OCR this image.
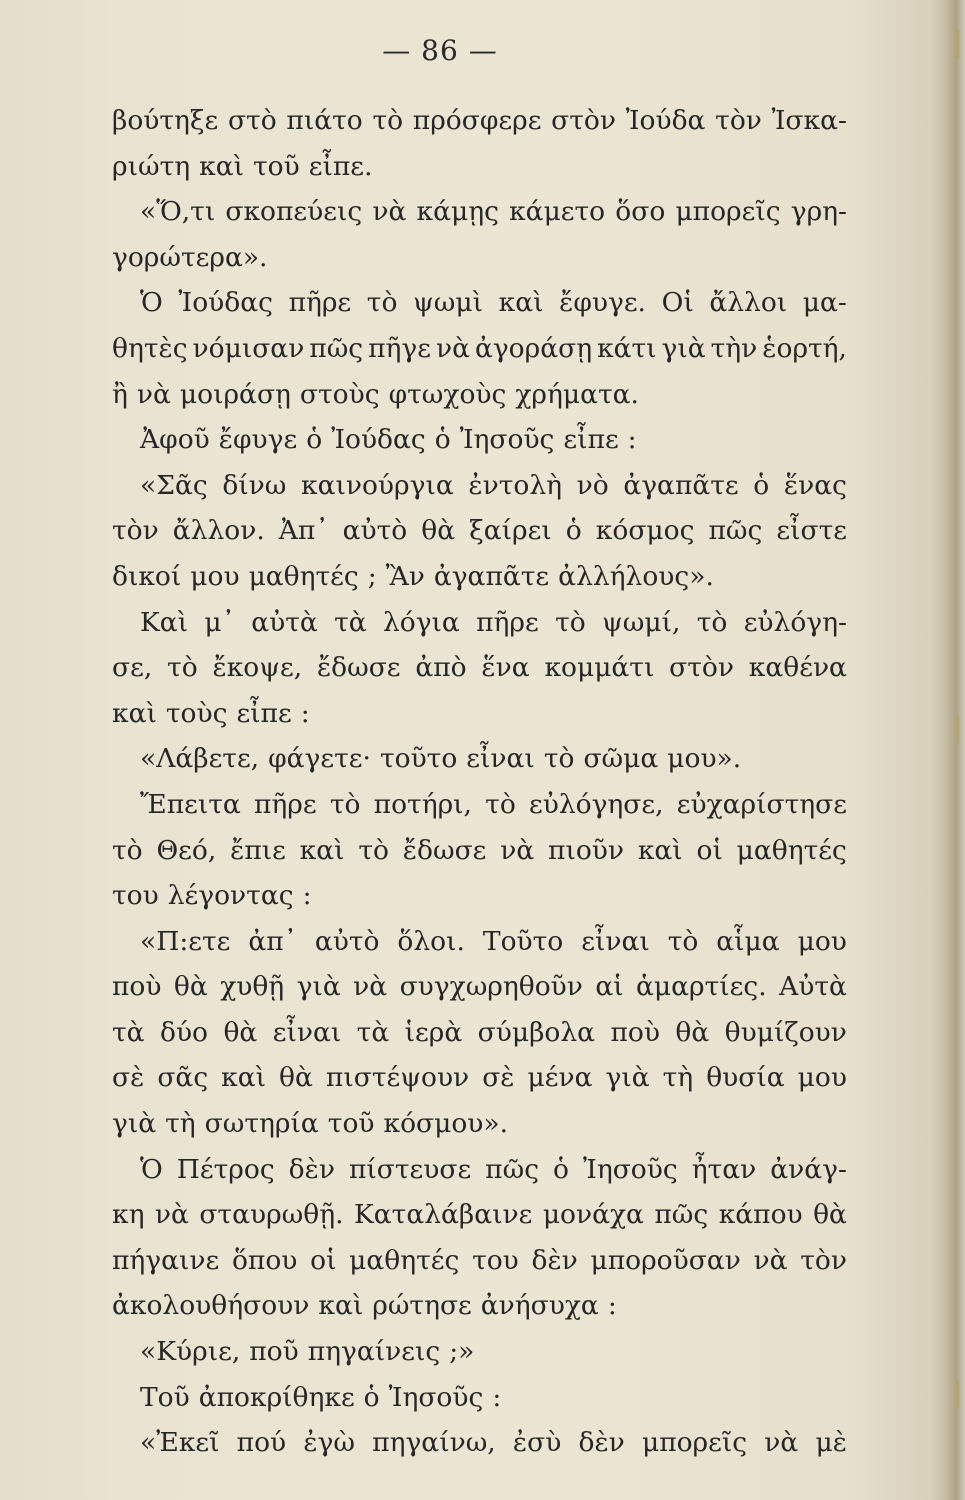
— 86 —
βούτηξε στὸ πιάτο τὸ πρόσφερε στὸν Ἰούδα τὸν Ἰσκα-
ριώτη καὶ τοῦ εἶπε.
«Ὅ,τι σκοπεύεις νὰ κάμῃς κάμετο ὅσο μπορεῖς γρη-
γορώτερα».
Ὁ Ἰούδας πῆρε τὸ ψωμὶ καὶ ἔφυγε. Οἱ ἄλλοι μα-
θητὲς νόμισαν πῶς πῆγε νὰ ἀγοράσῃ κάτι γιὰ τὴν ἑορτή,
ἢ νὰ μοιράσῃ στοὺς φτωχοὺς χρήματα.
Ἀφοῦ ἔφυγε ὁ Ἰούδας ὁ Ἰησοῦς εἶπε :
«Σᾶς δίνω καινούργια ἐντολὴ νὸ ἀγαπᾶτε ὁ ἕνας
τὸν ἄλλον. Ἀπ᾿ αὐτὸ θὰ ξαίρει ὁ κόσμος πῶς εἶστε
δικοί μου μαθητές ; Ἂν ἀγαπᾶτε ἀλλήλους».
Καὶ μ᾿ αὐτὰ τὰ λόγια πῆρε τὸ ψωμί, τὸ εὐλόγη-
σε, τὸ ἔκοψε, ἔδωσε ἀπὸ ἕνα κομμάτι στὸν καθένα
καὶ τοὺς εἶπε :
«Λάβετε, φάγετε· τοῦτο εἶναι τὸ σῶμα μου».
Ἔπειτα πῆρε τὸ ποτήρι, τὸ εὐλόγησε, εὐχαρίστησε
τὸ Θεό, ἔπιε καὶ τὸ ἔδωσε νὰ πιοῦν καὶ οἱ μαθητές
του λέγοντας :
«Π:ετε ἀπ᾿ αὐτὸ ὅλοι. Τοῦτο εἶναι τὸ αἷμα μου
ποὺ θὰ χυθῇ γιὰ νὰ συγχωρηθοῦν αἱ ἁμαρτίες. Αὐτὰ
τὰ δύο θὰ εἶναι τὰ ἱερὰ σύμβολα ποὺ θὰ θυμίζουν
σὲ σᾶς καὶ θὰ πιστέψουν σὲ μένα γιὰ τὴ θυσία μου
γιὰ τὴ σωτηρία τοῦ κόσμου».
Ὁ Πέτρος δὲν πίστευσε πῶς ὁ Ἰησοῦς ἦταν ἀνάγ-
κη νὰ σταυρωθῇ. Καταλάβαινε μονάχα πῶς κάπου θὰ
πήγαινε ὅπου οἱ μαθητές του δὲν μποροῦσαν νὰ τὸν
ἀκολουθήσουν καὶ ρώτησε ἀνήσυχα :
«Κύριε, ποῦ πηγαίνεις ;»
Τοῦ ἀποκρίθηκε ὁ Ἰησοῦς :
«Ἐκεῖ πού ἐγὼ πηγαίνω, ἐσὺ δὲν μπορεῖς νὰ μὲ
